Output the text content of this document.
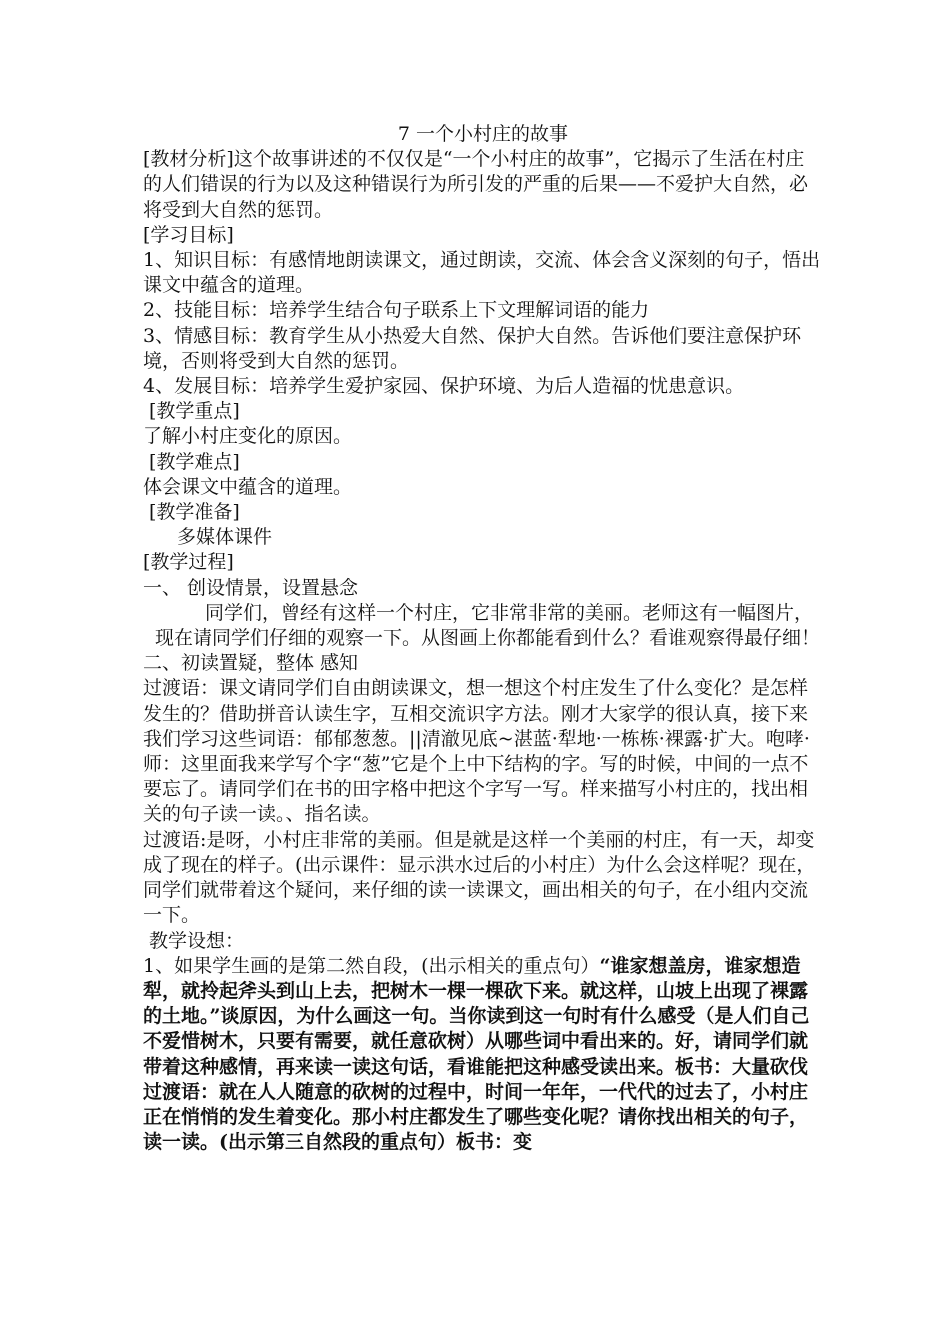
7 一个小村庄的故事

[教材分析]这个故事讲述的不仅仅是“一个小村庄的故事”，它揭示了生活在村庄的人们错误的行为以及这种错误行为所引发的严重的后果——不爱护大自然，必将受到大自然的惩罚。

[学习目标]

1、知识目标：有感情地朗读课文，通过朗读，交流、体会含义深刻的句子，悟出课文中蕴含的道理。

2、技能目标：培养学生结合句子联系上下文理解词语的能力

3、情感目标：教育学生从小热爱大自然、保护大自然。告诉他们要注意保护环境，否则将受到大自然的惩罚。

4、发展目标：培养学生爱护家园、保护环境、为后人造福的忧患意识。

[教学重点]

了解小村庄变化的原因。

[教学难点]

体会课文中蕴含的道理。

[教学准备]

多媒体课件

[教学过程]

一、 创设情景，设置悬念

同学们，曾经有这样一个村庄，它非常非常的美丽。老师这有一幅图片，现在请同学们仔细的观察一下。从图画上你都能看到什么？看谁观察得最仔细！

二、初读置疑，整体 感知

过渡语：课文请同学们自由朗读课文，想一想这个村庄发生了什么变化？是怎样发生的？借助拼音认读生字，互相交流识字方法。刚才大家学的很认真，接下来我们学习这些词语：郁郁葱葱。||清澈见底~湛蓝·犁地·一栋栋·裸露·扩大。咆哮·师：这里面我来学写个字“葱”它是个上中下结构的字。写的时候，中间的一点不要忘了。请同学们在书的田字格中把这个字写一写。样来描写小村庄的，找出相关的句子读一读。、指名读。

过渡语:是呀，小村庄非常的美丽。但是就是这样一个美丽的村庄，有一天，却变成了现在的样子。(出示课件：显示洪水过后的小村庄）为什么会这样呢？现在，同学们就带着这个疑问，来仔细的读一读课文，画出相关的句子，在小组内交流一下。

教学设想：

1、如果学生画的是第二然自段，(出示相关的重点句）“谁家想盖房，谁家想造犁，就拎起斧头到山上去，把树木一棵一棵砍下来。就这样，山坡上出现了裸露的土地。”谈原因，为什么画这一句。当你读到这一句时有什么感受（是人们自己不爱惜树木，只要有需要，就任意砍树）从哪些词中看出来的。好，请同学们就带着这种感情，再来读一读这句话，看谁能把这种感受读出来。板书：大量砍伐

过渡语：就在人人随意的砍树的过程中，时间一年年，一代代的过去了，小村庄正在悄悄的发生着变化。那小村庄都发生了哪些变化呢？请你找出相关的句子，读一读。(出示第三自然段的重点句）板书：变
